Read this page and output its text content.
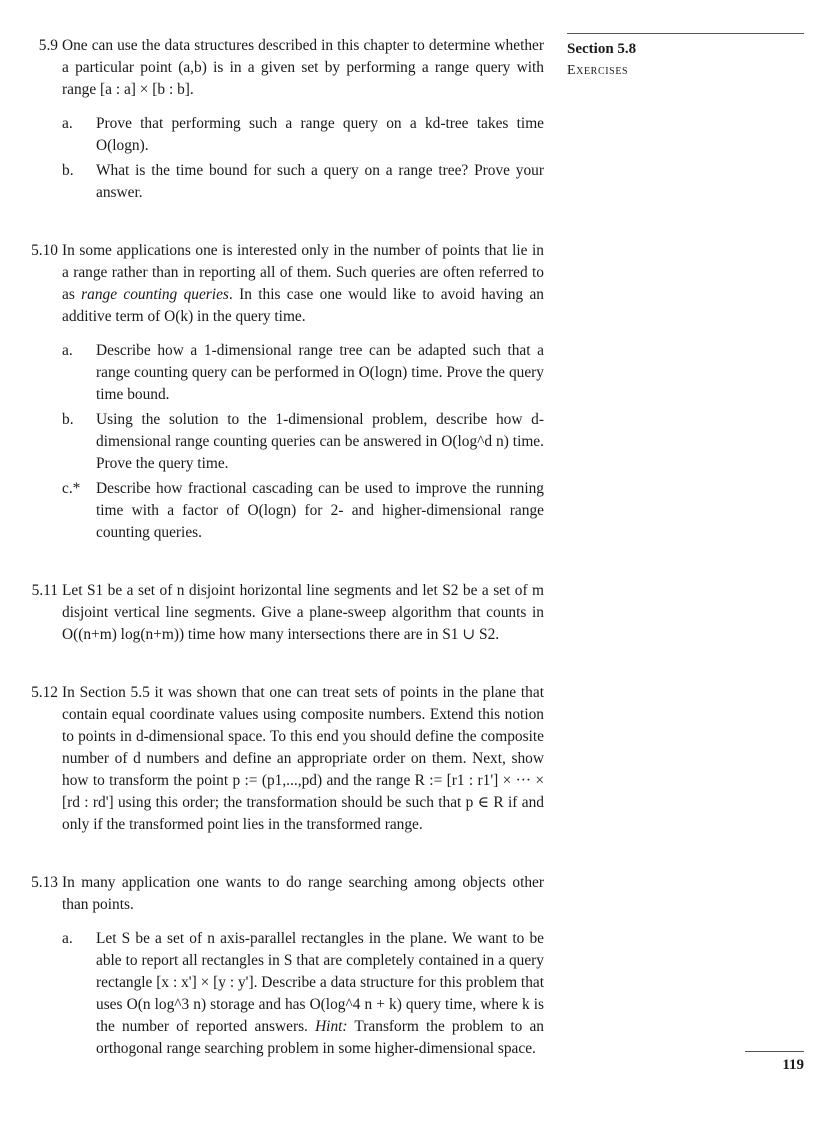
Section 5.8
Exercises
119
5.9 One can use the data structures described in this chapter to determine whether a particular point (a,b) is in a given set by performing a range query with range [a : a] × [b : b].

a. Prove that performing such a range query on a kd-tree takes time O(logn).
b. What is the time bound for such a query on a range tree? Prove your answer.
5.10 In some applications one is interested only in the number of points that lie in a range rather than in reporting all of them. Such queries are often referred to as range counting queries. In this case one would like to avoid having an additive term of O(k) in the query time.

a. Describe how a 1-dimensional range tree can be adapted such that a range counting query can be performed in O(logn) time. Prove the query time bound.
b. Using the solution to the 1-dimensional problem, describe how d-dimensional range counting queries can be answered in O(log^d n) time. Prove the query time.
c.* Describe how fractional cascading can be used to improve the running time with a factor of O(logn) for 2- and higher-dimensional range counting queries.
5.11 Let S1 be a set of n disjoint horizontal line segments and let S2 be a set of m disjoint vertical line segments. Give a plane-sweep algorithm that counts in O((n+m) log(n+m)) time how many intersections there are in S1 ∪ S2.

5.12 In Section 5.5 it was shown that one can treat sets of points in the plane that contain equal coordinate values using composite numbers. Extend this notion to points in d-dimensional space. To this end you should define the composite number of d numbers and define an appropriate order on them. Next, show how to transform the point p := (p1,...,pd) and the range R := [r1 : r1'] × ··· × [rd : rd'] using this order; the transformation should be such that p ∈ R if and only if the transformed point lies in the transformed range.

5.13 In many application one wants to do range searching among objects other than points.

a. Let S be a set of n axis-parallel rectangles in the plane. We want to be able to report all rectangles in S that are completely contained in a query rectangle [x : x'] × [y : y']. Describe a data structure for this problem that uses O(n log^3 n) storage and has O(log^4 n + k) query time, where k is the number of reported answers. Hint: Transform the problem to an orthogonal range searching problem in some higher-dimensional space.
